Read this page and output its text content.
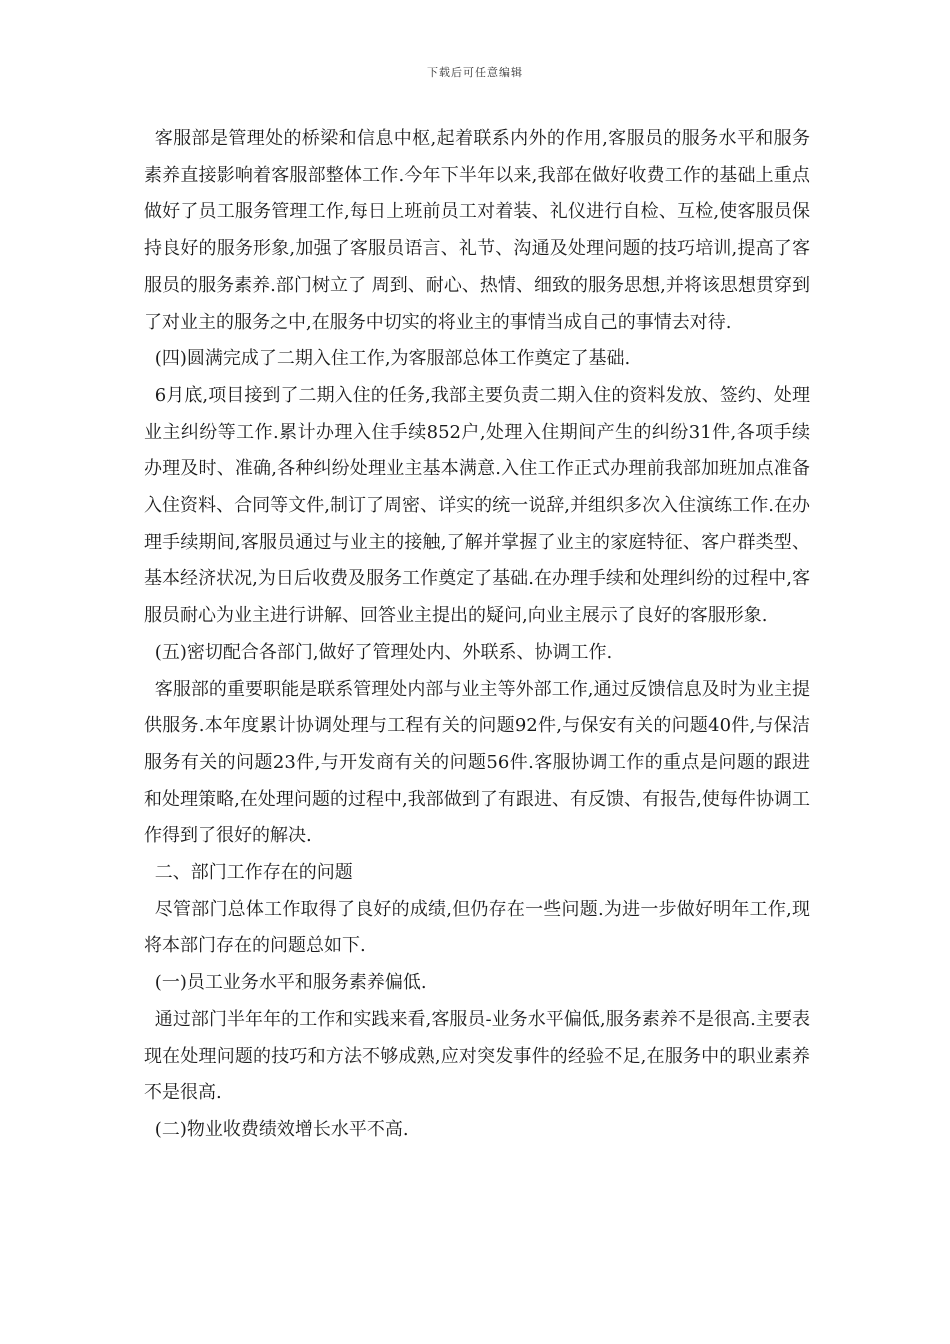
下载后可任意编辑

客服部是管理处的桥梁和信息中枢,起着联系内外的作用,客服员的服务水平和服务素养直接影响着客服部整体工作.今年下半年以来,我部在做好收费工作的基础上重点做好了员工服务管理工作,每日上班前员工对着装、礼仪进行自检、互检,使客服员保持良好的服务形象,加强了客服员语言、礼节、沟通及处理问题的技巧培训,提高了客服员的服务素养.部门树立了 周到、耐心、热情、细致的服务思想,并将该思想贯穿到了对业主的服务之中,在服务中切实的将业主的事情当成自己的事情去对待.

(四)圆满完成了二期入住工作,为客服部总体工作奠定了基础.

6月底,项目接到了二期入住的任务,我部主要负责二期入住的资料发放、签约、处理业主纠纷等工作.累计办理入住手续852户,处理入住期间产生的纠纷31件,各项手续办理及时、准确,各种纠纷处理业主基本满意.入住工作正式办理前我部加班加点准备入住资料、合同等文件,制订了周密、详实的统一说辞,并组织多次入住演练工作.在办理手续期间,客服员通过与业主的接触,了解并掌握了业主的家庭特征、客户群类型、基本经济状况,为日后收费及服务工作奠定了基础.在办理手续和处理纠纷的过程中,客服员耐心为业主进行讲解、回答业主提出的疑问,向业主展示了良好的客服形象.

(五)密切配合各部门,做好了管理处内、外联系、协调工作.

客服部的重要职能是联系管理处内部与业主等外部工作,通过反馈信息及时为业主提供服务.本年度累计协调处理与工程有关的问题92件,与保安有关的问题40件,与保洁服务有关的问题23件,与开发商有关的问题56件.客服协调工作的重点是问题的跟进和处理策略,在处理问题的过程中,我部做到了有跟进、有反馈、有报告,使每件协调工作得到了很好的解决.

二、部门工作存在的问题

尽管部门总体工作取得了良好的成绩,但仍存在一些问题.为进一步做好明年工作,现将本部门存在的问题总如下.

(一)员工业务水平和服务素养偏低.

通过部门半年年的工作和实践来看,客服员-业务水平偏低,服务素养不是很高.主要表现在处理问题的技巧和方法不够成熟,应对突发事件的经验不足,在服务中的职业素养不是很高.

(二)物业收费绩效增长水平不高.
